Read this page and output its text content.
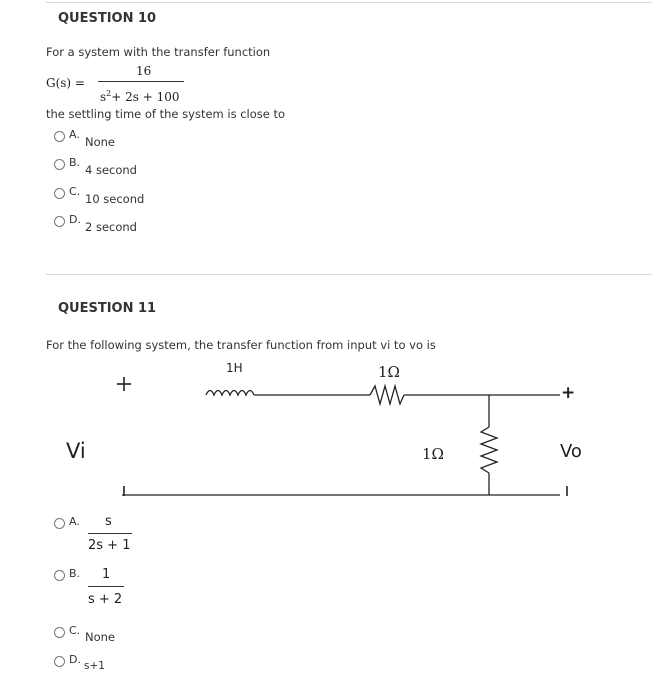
QUESTION 10
For a system with the transfer function
G(s) =
16
$s^2+ 2s + 100$
the settling time of the system is close to
A.
None
B.
4 second
C.
10 second
D.
2 second
QUESTION 11
For the following system, the transfer function from input vi to vo is
1H	1Ω
1Ω
Vi	Vo
+
A. s
2s + 1
B. 1
s + 2
C. None
D. s+1
